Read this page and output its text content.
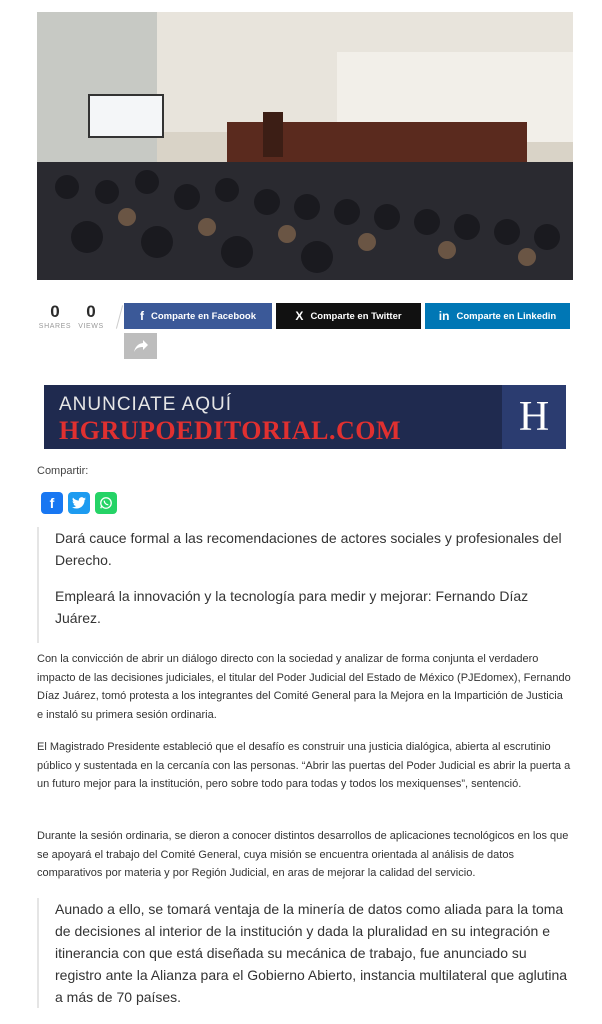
0
SHARES
0
VIEWS
f Comparte en Facebook	X Comparte en Twitter	in Comparte en Linkedin
ANUNCIATE AQUÍ
HGRUPOEDITORIAL.COM	H
Compartir:
f

Dará cauce formal a las recomendaciones de actores sociales y profesionales del Derecho.

Empleará la innovación y la tecnología para medir y mejorar: Fernando Díaz Juárez.

Con la convicción de abrir un diálogo directo con la sociedad y analizar de forma conjunta el verdadero impacto de las decisiones judiciales, el titular del Poder Judicial del Estado de México (PJEdomex), Fernando Díaz Juárez, tomó protesta a los integrantes del Comité General para la Mejora en la Impartición de Justicia e instaló su primera sesión ordinaria.
El Magistrado Presidente estableció que el desafío es construir una justicia dialógica, abierta al escrutinio público y sustentada en la cercanía con las personas. “Abrir las puertas del Poder Judicial es abrir la puerta a un futuro mejor para la institución, pero sobre todo para todas y todos los mexiquenses”, sentenció.
Durante la sesión ordinaria, se dieron a conocer distintos desarrollos de aplicaciones tecnológicos en los que se apoyará el trabajo del Comité General, cuya misión se encuentra orientada al análisis de datos comparativos por materia y por Región Judicial, en aras de mejorar la calidad del servicio.
Aunado a ello, se tomará ventaja de la minería de datos como aliada para la toma de decisiones al interior de la institución y dada la pluralidad en su integración e itinerancia con que está diseñada su mecánica de trabajo, fue anunciado su registro ante la Alianza para el Gobierno Abierto, instancia multilateral que aglutina a más de 70 países.
